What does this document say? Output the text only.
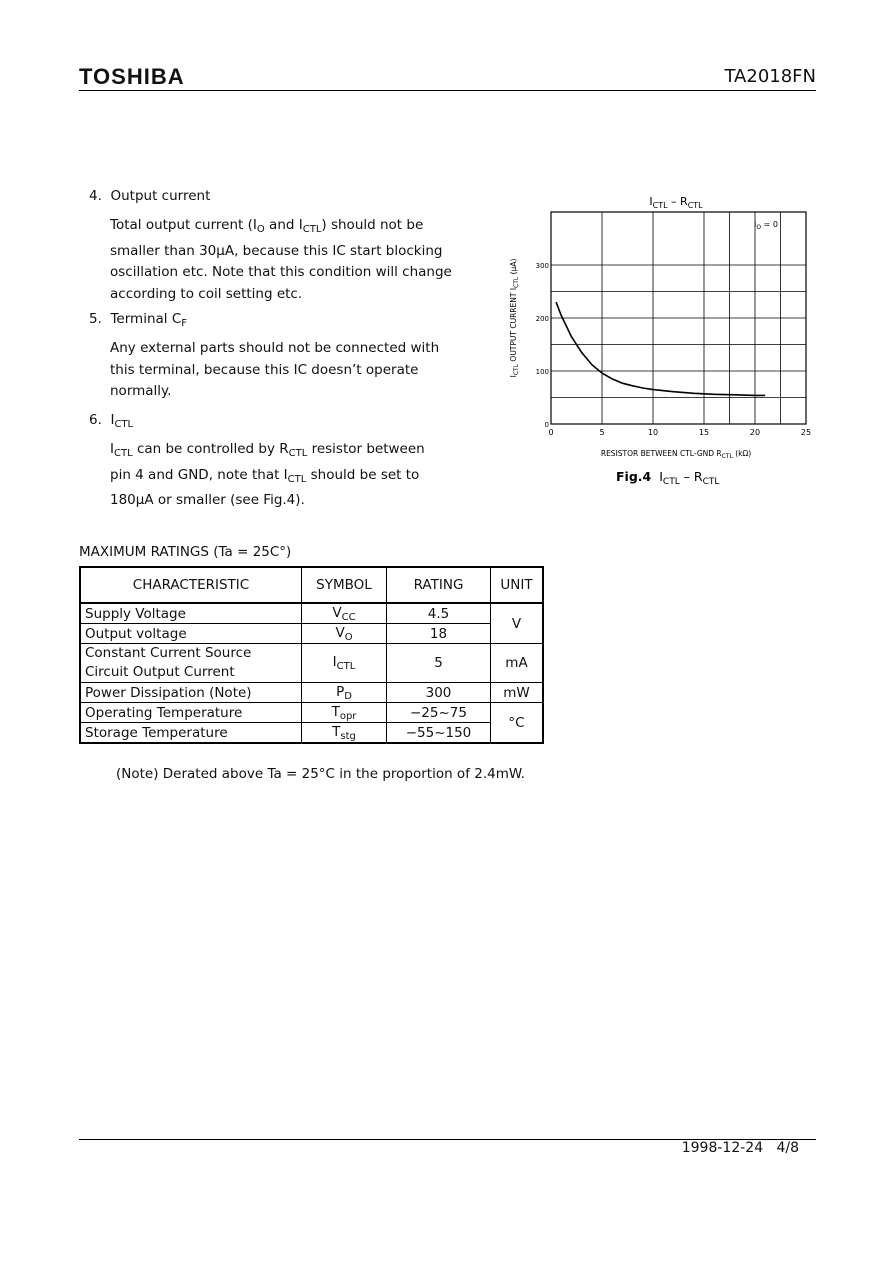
TOSHIBA	TA2018FN
4. Output current
Total output current ($I_O$ and $I_{CTL}$) should not be
smaller than 30μA, because this IC start blocking
oscillation etc. Note that this condition will change
according to coil setting etc.
5. Terminal $C_F$
Any external parts should not be connected with
this terminal, because this IC doesn’t operate
normally.
6. $I_{CTL}$
$I_{CTL}$ can be controlled by $R_{CTL}$ resistor between
pin 4 and GND, note that $I_{CTL}$ should be set to
180μA or smaller (see Fig.4).
$I_{CTL} - R_{CTL}$
0	5	10	15	20	25
0
100
200
300
$I_O = 0$
RESISTOR BETWEEN CTL-GND $R_{CTL}$ (kΩ)
$I_{CTL}$ OUTPUT CURRENT $I_{CTL}$ (μA)
Fig.4 $I_{CTL} - R_{CTL}$
MAXIMUM RATINGS (Ta = 25C°)
CHARACTERISTIC	SYMBOL	RATING	UNIT
Supply Voltage	$V_{CC}$	4.5	V
Output voltage	$V_O$	18	
Constant Current Source
Circuit Output Current	$I_{CTL}$	5	mA
Power Dissipation (Note)	$P_D$	300	mW
Operating Temperature	$T_{opr}$	−25~75	°C
Storage Temperature	$T_{stg}$	−55~150	
(Note) Derated above Ta = 25°C in the proportion of 2.4mW.
1998-12-24 4/8
